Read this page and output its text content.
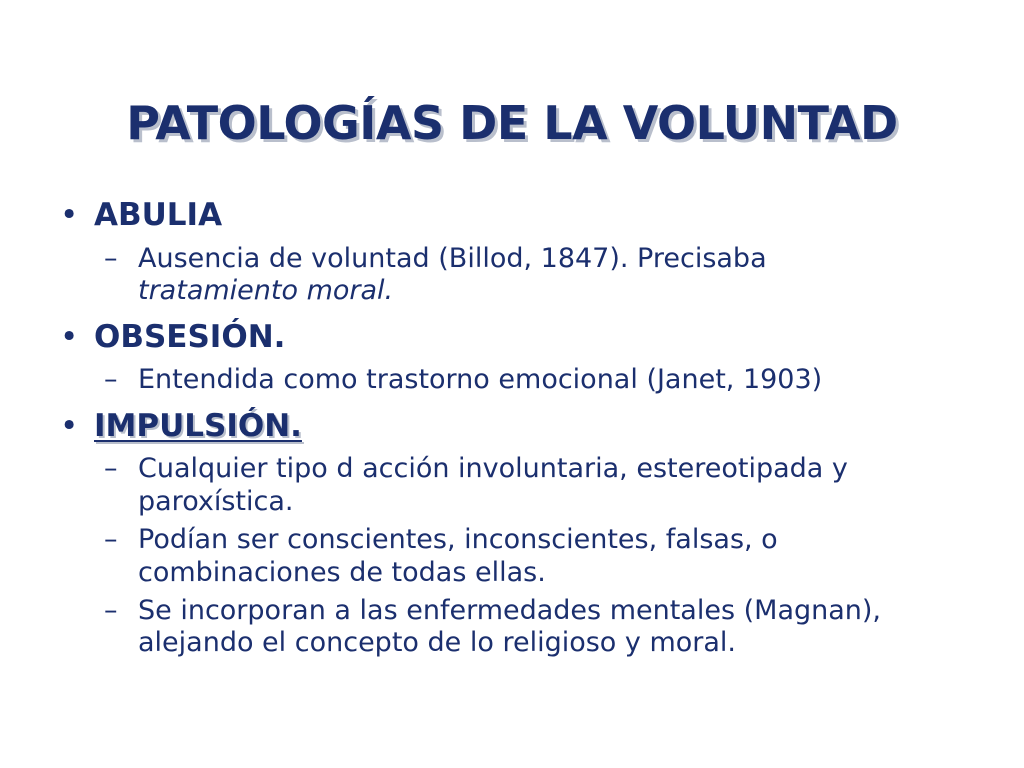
PATOLOGÍAS DE LA VOLUNTAD

• ABULIA

– Ausencia de voluntad (Billod, 1847). Precisaba
tratamiento moral.

• OBSESIÓN.

– Entendida como trastorno emocional (Janet, 1903)

• IMPULSIÓN.

– Cualquier tipo d acción involuntaria, estereotipada y paroxística.

– Podían ser conscientes, inconscientes, falsas, o combinaciones de todas ellas.

– Se incorporan a las enfermedades mentales (Magnan), alejando el concepto de lo religioso y moral.
